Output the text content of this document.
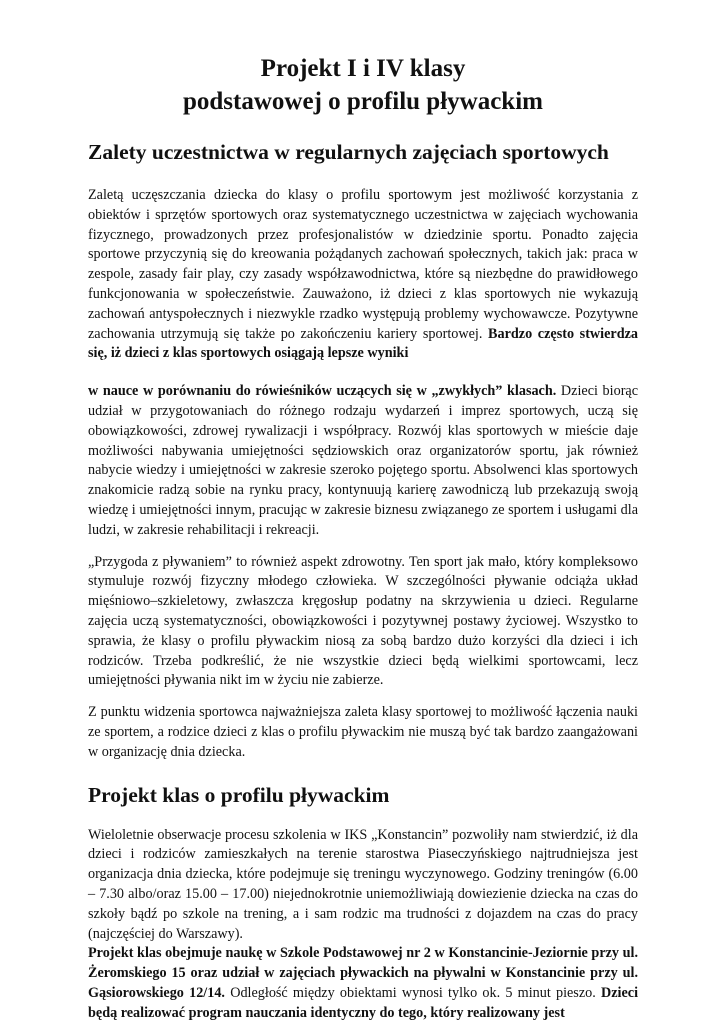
Projekt I i IV klasy
podstawowej o profilu pływackim
Zalety uczestnictwa w regularnych zajęciach sportowych

Zaletą uczęszczania dziecka do klasy o profilu sportowym jest możliwość korzystania z obiektów i sprzętów sportowych oraz systematycznego uczestnictwa w zajęciach wychowania fizycznego, prowadzonych przez profesjonalistów w dziedzinie sportu. Ponadto zajęcia sportowe przyczynią się do kreowania pożądanych zachowań społecznych, takich jak: praca w zespole, zasady fair play, czy zasady współzawodnictwa, które są niezbędne do prawidłowego funkcjonowania w społeczeństwie. Zauważono, iż dzieci z klas sportowych nie wykazują zachowań antyspołecznych i niezwykle rzadko występują problemy wychowawcze. Pozytywne zachowania utrzymują się także po zakończeniu kariery sportowej. Bardzo często stwierdza się, iż dzieci z klas sportowych osiągają lepsze wyniki

w nauce w porównaniu do rówieśników uczących się w „zwykłych” klasach. Dzieci biorąc udział w przygotowaniach do różnego rodzaju wydarzeń i imprez sportowych, uczą się obowiązkowości, zdrowej rywalizacji i współpracy. Rozwój klas sportowych w mieście daje możliwości nabywania umiejętności sędziowskich oraz organizatorów sportu, jak również nabycie wiedzy i umiejętności w zakresie szeroko pojętego sportu. Absolwenci klas sportowych znakomicie radzą sobie na rynku pracy, kontynuują karierę zawodniczą lub przekazują swoją wiedzę i umiejętności innym, pracując w zakresie biznesu związanego ze sportem i usługami dla ludzi, w zakresie rehabilitacji i rekreacji.

„Przygoda z pływaniem” to również aspekt zdrowotny. Ten sport jak mało, który kompleksowo stymuluje rozwój fizyczny młodego człowieka. W szczególności pływanie odciąża układ mięśniowo–szkieletowy, zwłaszcza kręgosłup podatny na skrzywienia u dzieci. Regularne zajęcia uczą systematyczności, obowiązkowości i pozytywnej postawy życiowej. Wszystko to sprawia, że klasy o profilu pływackim niosą za sobą bardzo dużo korzyści dla dzieci i ich rodziców. Trzeba podkreślić, że nie wszystkie dzieci będą wielkimi sportowcami, lecz umiejętności pływania nikt im w życiu nie zabierze.

Z punktu widzenia sportowca najważniejsza zaleta klasy sportowej to możliwość łączenia nauki ze sportem, a rodzice dzieci z klas o profilu pływackim nie muszą być tak bardzo zaangażowani w organizację dnia dziecka.

Projekt klas o profilu pływackim

Wieloletnie obserwacje procesu szkolenia w IKS „Konstancin” pozwoliły nam stwierdzić, iż dla dzieci i rodziców zamieszkałych na terenie starostwa Piaseczyńskiego najtrudniejsza jest organizacja dnia dziecka, które podejmuje się treningu wyczynowego. Godziny treningów (6.00 – 7.30 albo/oraz 15.00 – 17.00) niejednokrotnie uniemożliwiają dowiezienie dziecka na czas do szkoły bądź po szkole na trening, a i sam rodzic ma trudności z dojazdem na czas do pracy (najczęściej do Warszawy).

Projekt klas obejmuje naukę w Szkole Podstawowej nr 2 w Konstancinie-Jeziornie przy ul. Żeromskiego 15 oraz udział w zajęciach pływackich na pływalni w Konstancinie przy ul. Gąsiorowskiego 12/14. Odległość między obiektami wynosi tylko ok. 5 minut pieszo. Dzieci będą realizować program nauczania identyczny do tego, który realizowany jest
